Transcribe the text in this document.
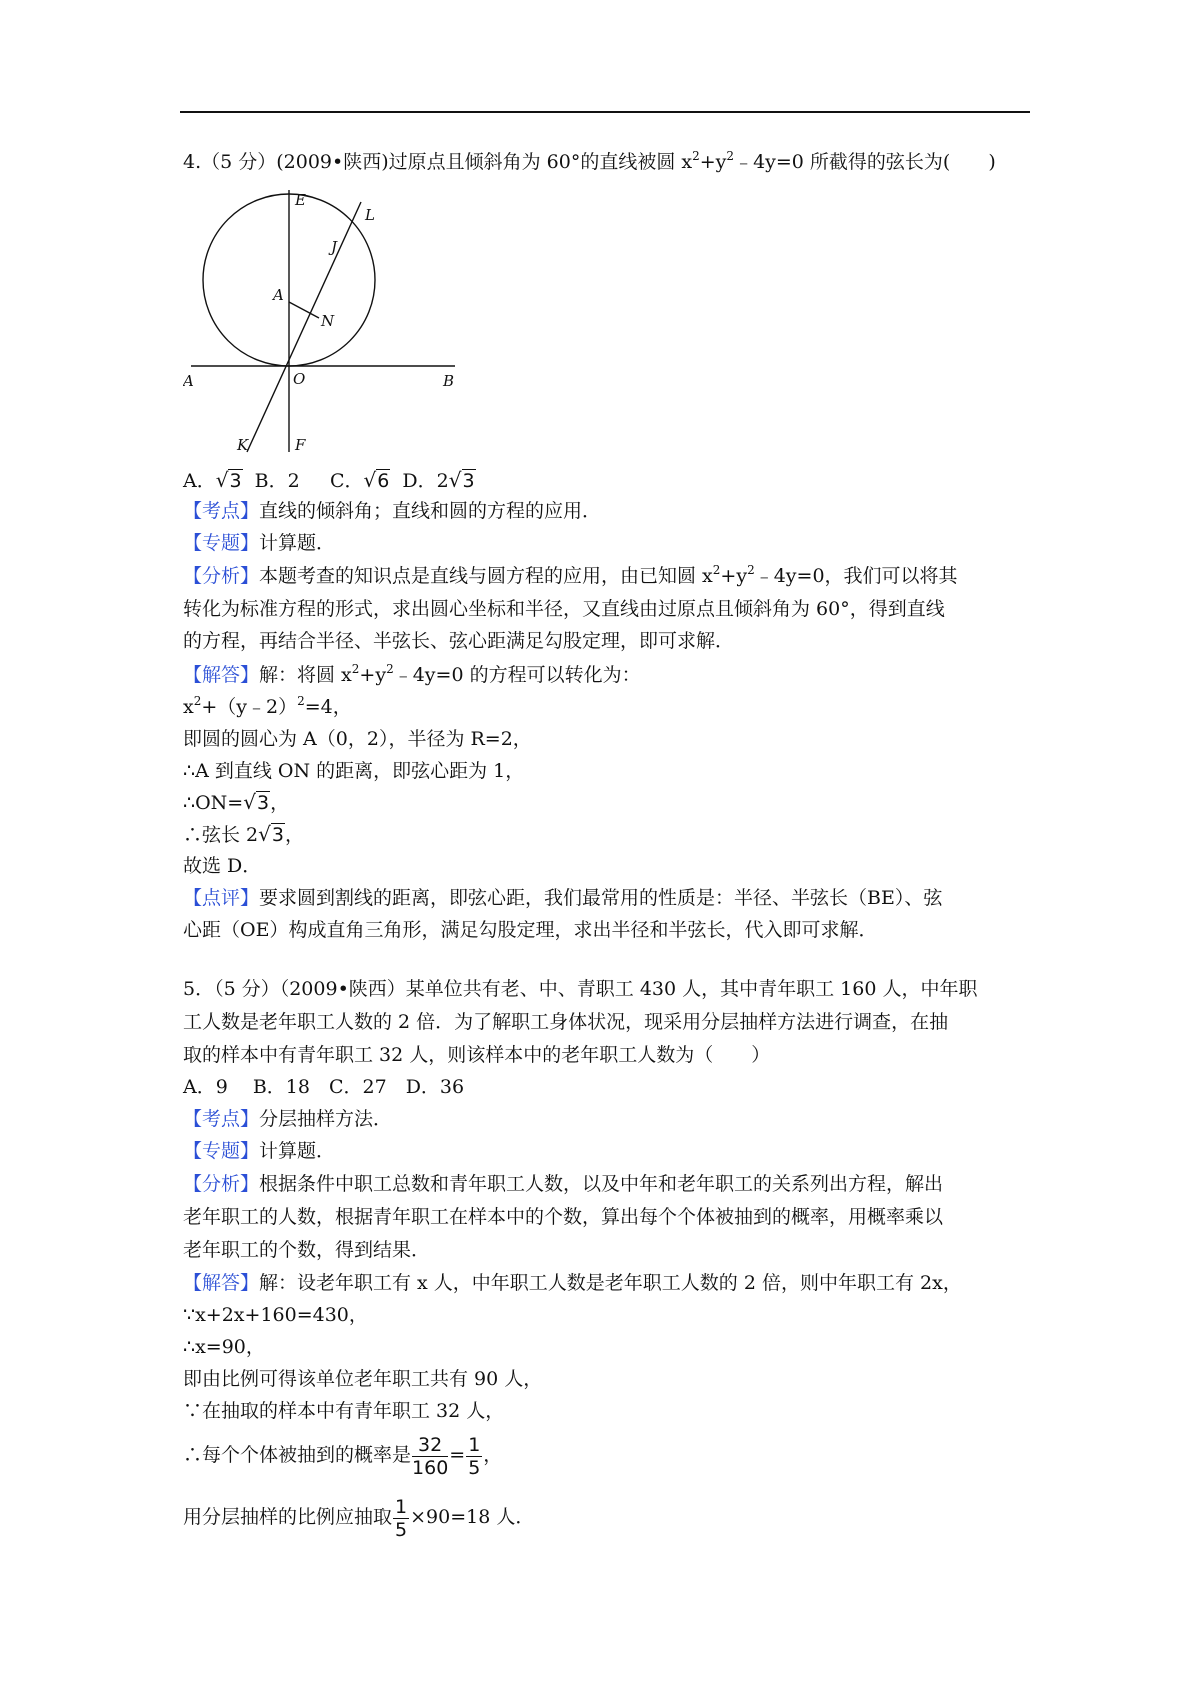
4.（5 分）(2009•陕西)过原点且倾斜角为 60°的直线被圆 $x^2+y^2﹣4y=0$ 所截得的弦长为(　　)
E
L
J
A
N
A	O	B
K	F
A．√3 B．2 C．√6 D．2√3
【考点】直线的倾斜角；直线和圆的方程的应用．
【专题】计算题．
【分析】本题考查的知识点是直线与圆方程的应用，由已知圆 $x^2+y^2﹣4y=0$，我们可以将其
转化为标准方程的形式，求出圆心坐标和半径，又直线由过原点且倾斜角为 60°，得到直线
的方程，再结合半径、半弦长、弦心距满足勾股定理，即可求解．
【解答】解：将圆 $x^2+y^2﹣4y=0$ 的方程可以转化为：
$x^2+(y﹣2)^2=4$，
即圆的圆心为 A（0，2），半径为 R=2，
∴A 到直线 ON 的距离，即弦心距为 1，
∴ON=√3，
∴弦长 2√3，
故选 D．
【点评】要求圆到割线的距离，即弦心距，我们最常用的性质是：半径、半弦长（BE）、弦
心距（OE）构成直角三角形，满足勾股定理，求出半径和半弦长，代入即可求解．
5．（5 分）（2009•陕西）某单位共有老、中、青职工 430 人，其中青年职工 160 人，中年职
工人数是老年职工人数的 2 倍．为了解职工身体状况，现采用分层抽样方法进行调查，在抽
取的样本中有青年职工 32 人，则该样本中的老年职工人数为（　　）
A．9　 B．18　C．27　D．36
【考点】分层抽样方法．
【专题】计算题．
【分析】根据条件中职工总数和青年职工人数，以及中年和老年职工的关系列出方程，解出
老年职工的人数，根据青年职工在样本中的个数，算出每个个体被抽到的概率，用概率乘以
老年职工的个数，得到结果．
【解答】解：设老年职工有 x 人，中年职工人数是老年职工人数的 2 倍，则中年职工有 2x，
∵x+2x+160=430，
∴x=90，
即由比例可得该单位老年职工共有 90 人，
∵在抽取的样本中有青年职工 32 人，
∴每个个体被抽到的概率是 $\frac{32}{160} = \frac{1}{5}$ ，
用分层抽样的比例应抽取 $\frac{1}{5} \times 90=18$ 人．
